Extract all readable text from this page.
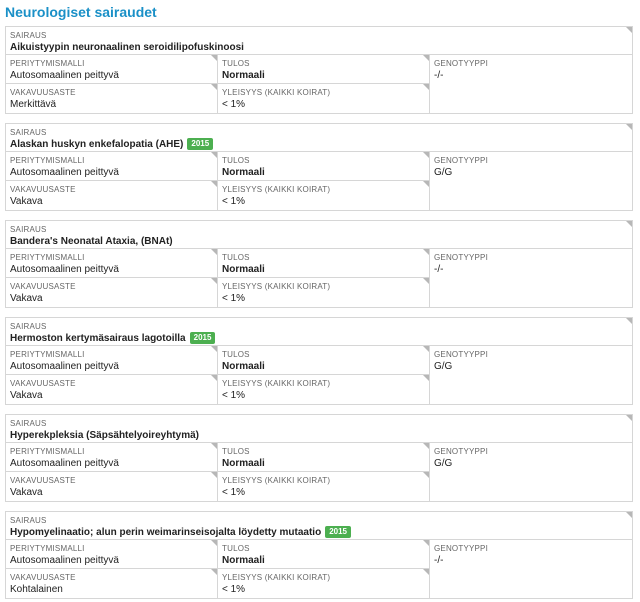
Neurologiset sairaudet
SAIRAUS
Aikuistyypin neuronaalinen seroidilipofuskinoosi
PERIYTYMISMALLI
Autosomaalinen peittyvä
TULOS
Normaali
GENOTYYPPI
-/-
VAKAVUUSASTE
Merkittävä
YLEISYYS (KAIKKI KOIRAT)
< 1%
SAIRAUS
Alaskan huskyn enkefalopatia (AHE) 2015
PERIYTYMISMALLI
Autosomaalinen peittyvä
TULOS
Normaali
GENOTYYPPI
G/G
VAKAVUUSASTE
Vakava
YLEISYYS (KAIKKI KOIRAT)
< 1%
SAIRAUS
Bandera's Neonatal Ataxia, (BNAt)
PERIYTYMISMALLI
Autosomaalinen peittyvä
TULOS
Normaali
GENOTYYPPI
-/-
VAKAVUUSASTE
Vakava
YLEISYYS (KAIKKI KOIRAT)
< 1%
SAIRAUS
Hermoston kertymäsairaus lagotoilla 2015
PERIYTYMISMALLI
Autosomaalinen peittyvä
TULOS
Normaali
GENOTYYPPI
G/G
VAKAVUUSASTE
Vakava
YLEISYYS (KAIKKI KOIRAT)
< 1%
SAIRAUS
Hyperekpleksia (Säpsähtelyoireyhtymä)
PERIYTYMISMALLI
Autosomaalinen peittyvä
TULOS
Normaali
GENOTYYPPI
G/G
VAKAVUUSASTE
Vakava
YLEISYYS (KAIKKI KOIRAT)
< 1%
SAIRAUS
Hypomyelinaatio; alun perin weimarinseisojalta löydetty mutaatio 2015
PERIYTYMISMALLI
Autosomaalinen peittyvä
TULOS
Normaali
GENOTYYPPI
-/-
VAKAVUUSASTE
Kohtalainen
YLEISYYS (KAIKKI KOIRAT)
< 1%
